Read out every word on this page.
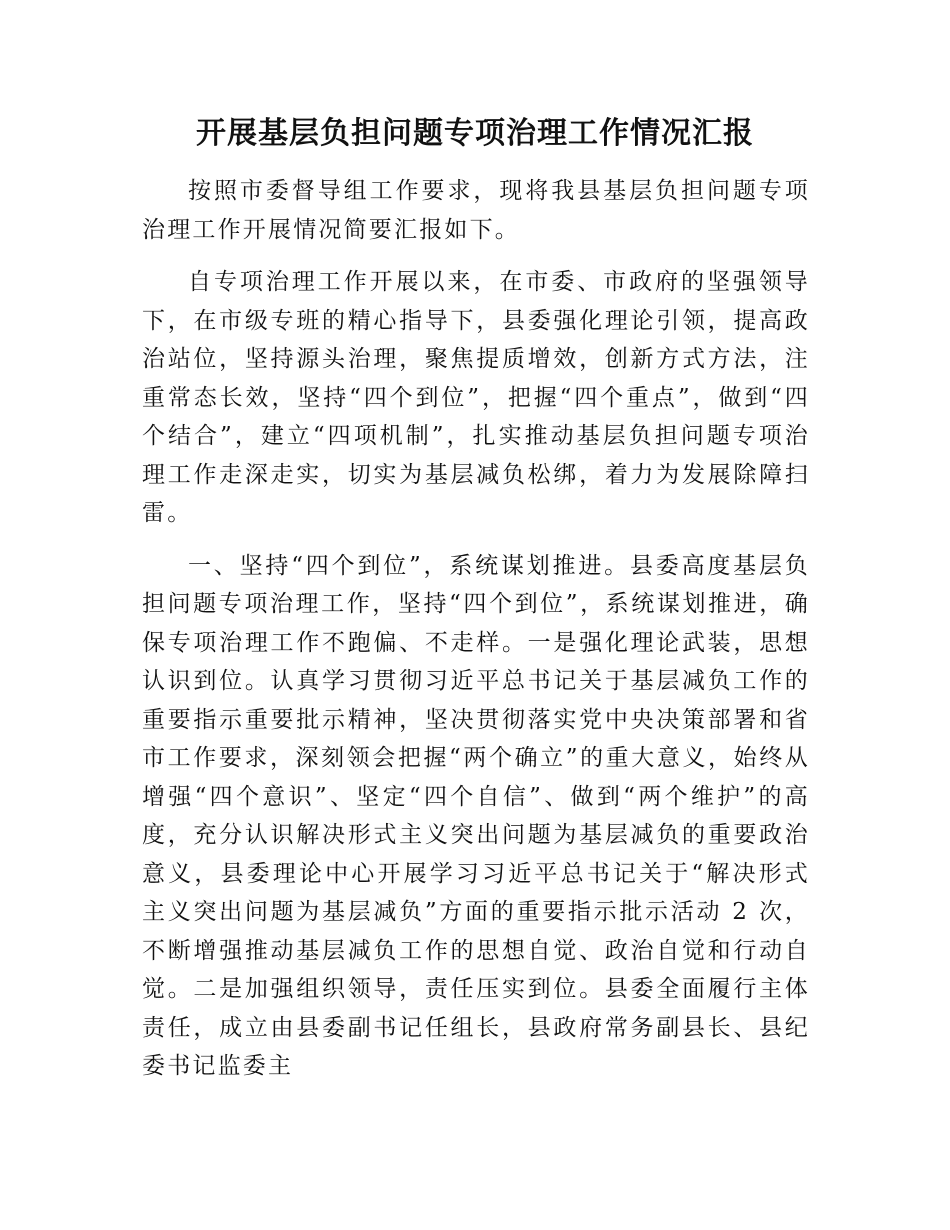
开展基层负担问题专项治理工作情况汇报

按照市委督导组工作要求，现将我县基层负担问题专项治理工作开展情况简要汇报如下。

自专项治理工作开展以来，在市委、市政府的坚强领导下，在市级专班的精心指导下，县委强化理论引领，提高政治站位，坚持源头治理，聚焦提质增效，创新方式方法，注重常态长效，坚持“四个到位”，把握“四个重点”，做到“四个结合”，建立“四项机制”，扎实推动基层负担问题专项治理工作走深走实，切实为基层减负松绑，着力为发展除障扫雷。

一、坚持“四个到位”，系统谋划推进。县委高度基层负担问题专项治理工作，坚持“四个到位”，系统谋划推进，确保专项治理工作不跑偏、不走样。一是强化理论武装，思想认识到位。认真学习贯彻习近平总书记关于基层减负工作的重要指示重要批示精神，坚决贯彻落实党中央决策部署和省市工作要求，深刻领会把握“两个确立”的重大意义，始终从增强“四个意识”、坚定“四个自信”、做到“两个维护”的高度，充分认识解决形式主义突出问题为基层减负的重要政治意义，县委理论中心开展学习习近平总书记关于“解决形式主义突出问题为基层减负”方面的重要指示批示活动 2 次，不断增强推动基层减负工作的思想自觉、政治自觉和行动自觉。二是加强组织领导，责任压实到位。县委全面履行主体责任，成立由县委副书记任组长，县政府常务副县长、县纪委书记监委主
